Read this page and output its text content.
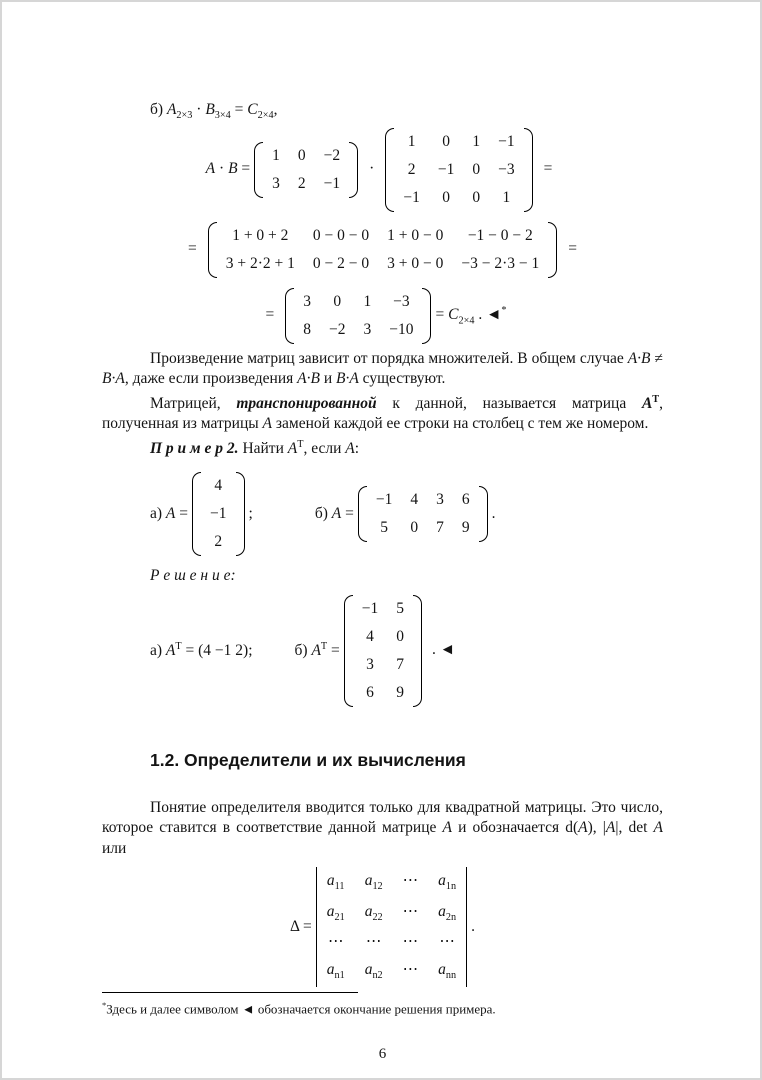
б) $A_{2\times 3} \cdot B_{3\times 4} = C_{2\times 4}$,
A · B =
1	0	−2
3	2	−1
·
1	0	1	−1
2	−1	0	−3
−1	0	0	1
=
=
1 + 0 + 2	0 − 0 − 0	1 + 0 − 0	−1 − 0 − 2
3 + 2·2 + 1	0 − 2 − 0	3 + 0 − 0	−3 − 2·3 − 1
=
=
3	0	1	−3
8	−2	3	−10
= $C_{2\times 4}$ . ◄*

Произведение матриц зависит от порядка множителей. В общем случае A·B ≠ B·A, даже если произведения A·B и B·A существуют.

Матрицей, транспонированной к данной, называется матрица $A^T$, полученная из матрицы A заменой каждой ее строки на столбец с тем же номером.

П р и м е р 2. Найти $A^T$, если A:

а) A =
4
−1
2
;	б) A =
−1	4	3	6
5	0	7	9
.
Р е ш е н и е:
а) $A^T = (4 -1$ 2);	б) $A^T$ =
−1	5
4	0
3	7
6	9
. ◄
1.2. Определители и их вычисления

Понятие определителя вводится только для квадратной матрицы. Это число, которое ставится в соответствие данной матрице A и обозначается d(A), |A|, det A или

Δ =
$a_{11}$	$a_{12}$	⋯	$a_{1n}$
$a_{21}$	$a_{22}$	⋯	$a_{2n}$
⋯	⋯	⋯	⋯
$a_{n1}$	$a_{n2}$	⋯	$a_{nn}$
.
*Здесь и далее символом ◄ обозначается окончание решения примера.
6
